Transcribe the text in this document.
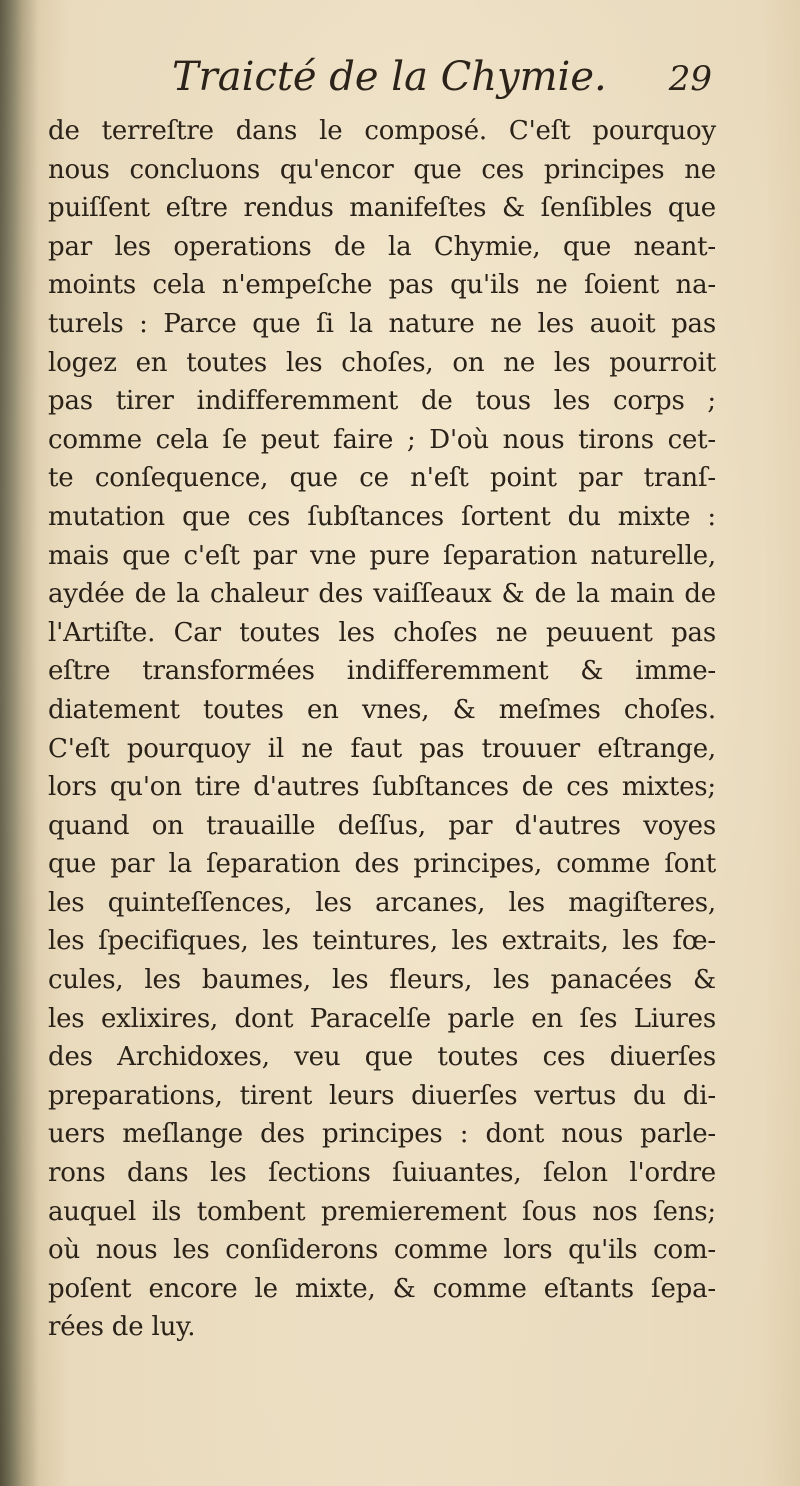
Traicté de la Chymie. 29
de terreſtre dans le composé. C'eſt pourquoy
nous concluons qu'encor que ces principes ne
puiſſent eſtre rendus manifeſtes & ſenſibles que
par les operations de la Chymie, que neant-
moints cela n'empeſche pas qu'ils ne ſoient na-
turels : Parce que ſi la nature ne les auoit pas
logez en toutes les choſes, on ne les pourroit
pas tirer indifferemment de tous les corps ;
comme cela ſe peut faire ; D'où nous tirons cet-
te conſequence, que ce n'eſt point par tranſ-
mutation que ces ſubſtances ſortent du mixte :
mais que c'eſt par vne pure ſeparation naturelle,
aydée de la chaleur des vaiſſeaux & de la main de
l'Artiſte. Car toutes les choſes ne peuuent pas
eſtre transformées indifferemment & imme-
diatement toutes en vnes, & meſmes choſes.
C'eſt pourquoy il ne faut pas trouuer eſtrange,
lors qu'on tire d'autres ſubſtances de ces mixtes;
quand on trauaille deſſus, par d'autres voyes
que par la ſeparation des principes, comme ſont
les quinteſſences, les arcanes, les magiſteres,
les ſpecifiques, les teintures, les extraits, les fœ-
cules, les baumes, les fleurs, les panacées &
les exlixires, dont Paracelſe parle en ſes Liures
des Archidoxes, veu que toutes ces diuerſes
preparations, tirent leurs diuerſes vertus du di-
uers meſlange des principes : dont nous parle-
rons dans les ſections ſuiuantes, ſelon l'ordre
auquel ils tombent premierement ſous nos ſens;
où nous les conſiderons comme lors qu'ils com-
poſent encore le mixte, & comme eſtants ſepa-
rées de luy.
